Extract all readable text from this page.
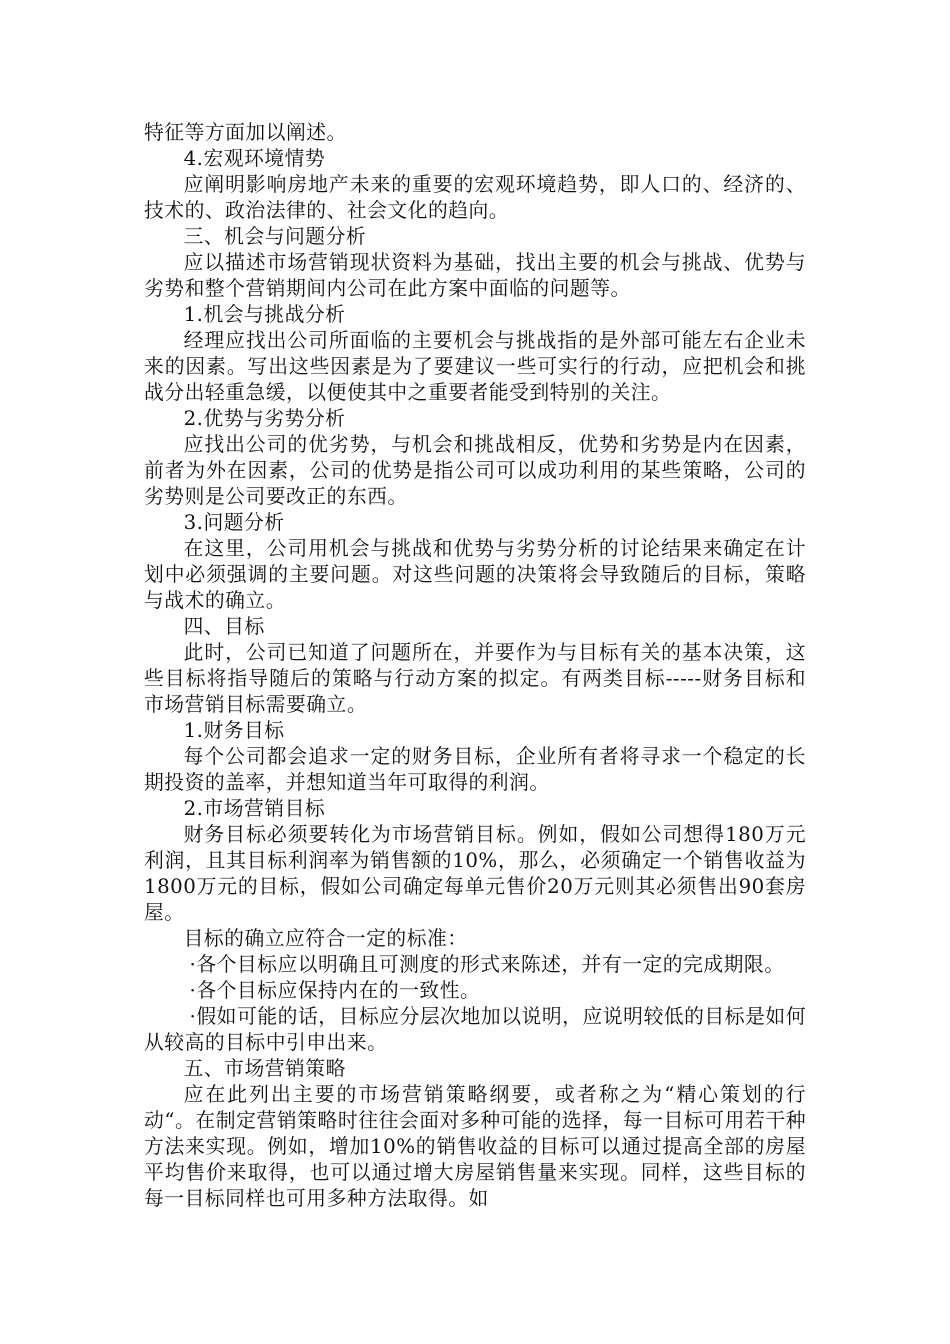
特征等方面加以阐述。

4.宏观环境情势

应阐明影响房地产未来的重要的宏观环境趋势，即人口的、经济的、技术的、政治法律的、社会文化的趋向。

三、机会与问题分析

应以描述市场营销现状资料为基础，找出主要的机会与挑战、优势与劣势和整个营销期间内公司在此方案中面临的问题等。

1.机会与挑战分析

经理应找出公司所面临的主要机会与挑战指的是外部可能左右企业未来的因素。写出这些因素是为了要建议一些可实行的行动，应把机会和挑战分出轻重急缓，以便使其中之重要者能受到特别的关注。

2.优势与劣势分析

应找出公司的优劣势，与机会和挑战相反，优势和劣势是内在因素，前者为外在因素，公司的优势是指公司可以成功利用的某些策略，公司的劣势则是公司要改正的东西。

3.问题分析

在这里，公司用机会与挑战和优势与劣势分析的讨论结果来确定在计划中必须强调的主要问题。对这些问题的决策将会导致随后的目标，策略与战术的确立。

四、目标

此时，公司已知道了问题所在，并要作为与目标有关的基本决策，这些目标将指导随后的策略与行动方案的拟定。有两类目标-----财务目标和市场营销目标需要确立。

1.财务目标

每个公司都会追求一定的财务目标，企业所有者将寻求一个稳定的长期投资的盖率，并想知道当年可取得的利润。

2.市场营销目标

财务目标必须要转化为市场营销目标。例如，假如公司想得180万元利润，且其目标利润率为销售额的10%，那么，必须确定一个销售收益为1800万元的目标，假如公司确定每单元售价20万元则其必须售出90套房屋。

目标的确立应符合一定的标准：

·各个目标应以明确且可测度的形式来陈述，并有一定的完成期限。

·各个目标应保持内在的一致性。

·假如可能的话，目标应分层次地加以说明，应说明较低的目标是如何从较高的目标中引申出来。

五、市场营销策略

应在此列出主要的市场营销策略纲要，或者称之为“精心策划的行动“。在制定营销策略时往往会面对多种可能的选择，每一目标可用若干种方法来实现。例如，增加10%的销售收益的目标可以通过提高全部的房屋平均售价来取得，也可以通过增大房屋销售量来实现。同样，这些目标的每一目标同样也可用多种方法取得。如
